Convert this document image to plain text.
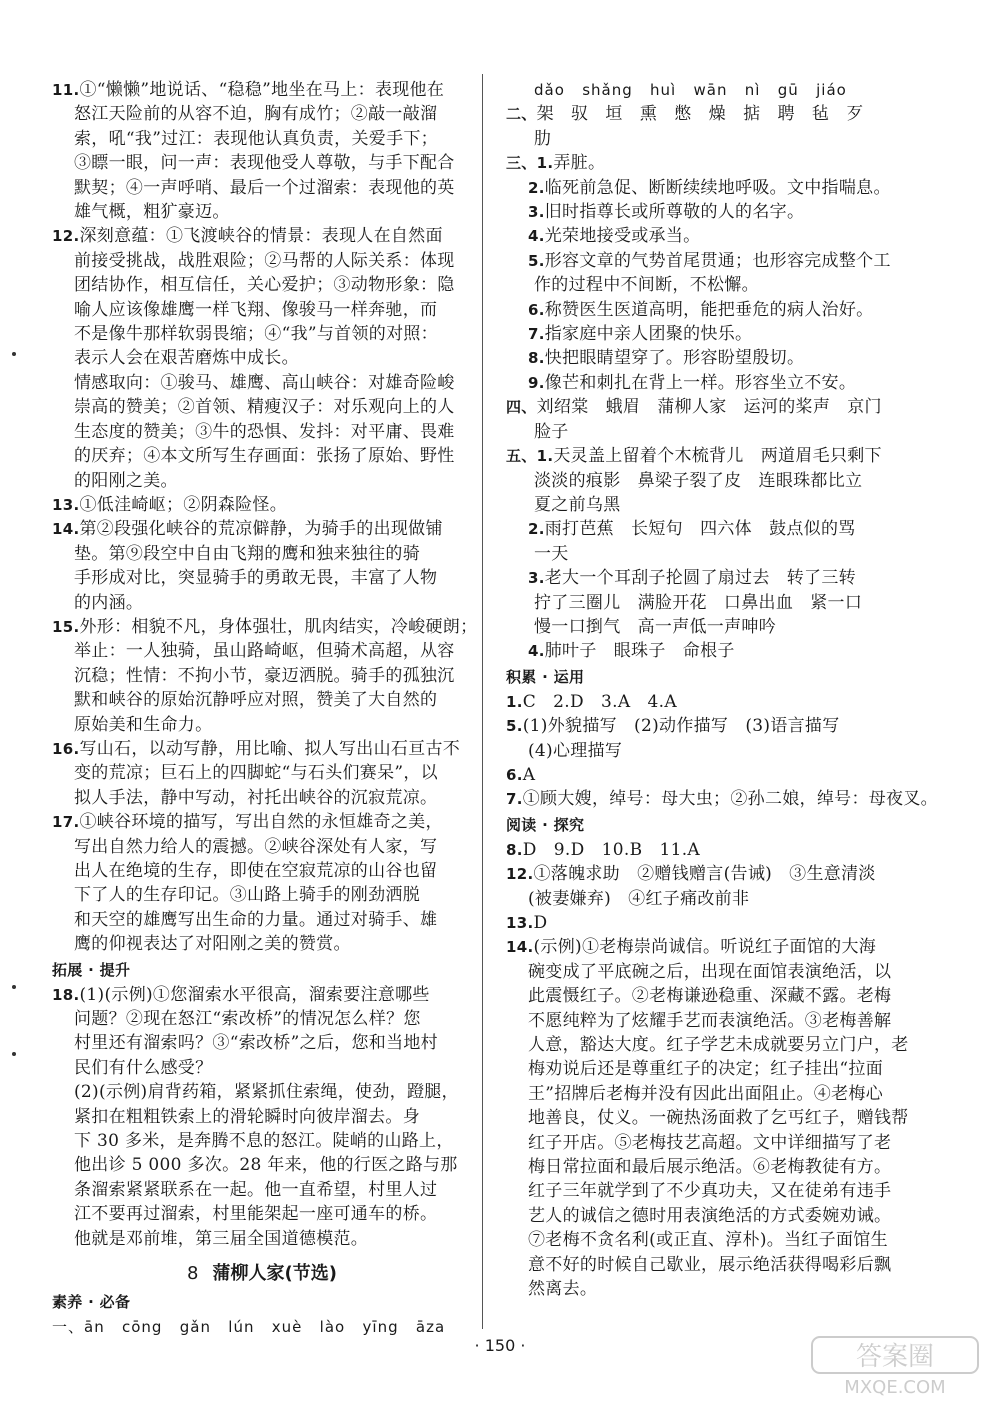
11.①“懒懒”地说话、“稳稳”地坐在马上：表现他在
怒江天险前的从容不迫，胸有成竹；②敲一敲溜
索，吼“我”过江：表现他认真负责，关爱手下；
③瞟一眼，问一声：表现他受人尊敬，与手下配合
默契；④一声呼哨、最后一个过溜索：表现他的英
雄气概，粗犷豪迈。
12.深刻意蕴：①飞渡峡谷的情景：表现人在自然面
前接受挑战，战胜艰险；②马帮的人际关系：体现
团结协作，相互信任，关心爱护；③动物形象：隐
喻人应该像雄鹰一样飞翔、像骏马一样奔驰，而
不是像牛那样软弱畏缩；④“我”与首领的对照：
表示人会在艰苦磨炼中成长。
情感取向：①骏马、雄鹰、高山峡谷：对雄奇险峻
崇高的赞美；②首领、精瘦汉子：对乐观向上的人
生态度的赞美；③牛的恐惧、发抖：对平庸、畏难
的厌弃；④本文所写生存画面：张扬了原始、野性
的阳刚之美。
13.①低洼崎岖；②阴森险怪。
14.第②段强化峡谷的荒凉僻静，为骑手的出现做铺
垫。第⑨段空中自由飞翔的鹰和独来独往的骑
手形成对比，突显骑手的勇敢无畏，丰富了人物
的内涵。
15.外形：相貌不凡，身体强壮，肌肉结实，冷峻硬朗；
举止：一人独骑，虽山路崎岖，但骑术高超，从容
沉稳；性情：不拘小节，豪迈洒脱。骑手的孤独沉
默和峡谷的原始沉静呼应对照，赞美了大自然的
原始美和生命力。
16.写山石，以动写静，用比喻、拟人写出山石亘古不
变的荒凉；巨石上的四脚蛇“与石头们赛呆”，以
拟人手法，静中写动，衬托出峡谷的沉寂荒凉。
17.①峡谷环境的描写，写出自然的永恒雄奇之美，
写出自然力给人的震撼。②峡谷深处有人家，写
出人在绝境的生存，即使在空寂荒凉的山谷也留
下了人的生存印记。③山路上骑手的刚劲洒脱
和天空的雄鹰写出生命的力量。通过对骑手、雄
鹰的仰视表达了对阳刚之美的赞赏。
拓展 · 提升
18.(1)(示例)①您溜索水平很高，溜索要注意哪些
问题？②现在怒江“索改桥”的情况怎么样？您
村里还有溜索吗？③“索改桥”之后，您和当地村
民们有什么感受？
(2)(示例)肩背药箱，紧紧抓住索绳，使劲，蹬腿，
紧扣在粗粗铁索上的滑轮瞬时向彼岸溜去。身
下 30 多米，是奔腾不息的怒江。陡峭的山路上，
他出诊 5 000 多次。28 年来，他的行医之路与那
条溜索紧紧联系在一起。他一直希望，村里人过
江不要再过溜索，村里能架起一座可通车的桥。
他就是邓前堆，第三届全国道德模范。
8 蒲柳人家(节选)
素养 · 必备
一、ān   cōng   gǎn   lún   xuè   lào   yīng   āza
dǎo   shǎng   huì   wān   nì   gū   jiáo
二、架   驭   垣   熏   憋   燥   掂   聘   毡   歹
肋
三、1.弄脏。
2.临死前急促、断断续续地呼吸。文中指喘息。
3.旧时指尊长或所尊敬的人的名字。
4.光荣地接受或承当。
5.形容文章的气势首尾贯通；也形容完成整个工
作的过程中不间断，不松懈。
6.称赞医生医道高明，能把垂危的病人治好。
7.指家庭中亲人团聚的快乐。
8.快把眼睛望穿了。形容盼望殷切。
9.像芒和刺扎在背上一样。形容坐立不安。
四、刘绍棠   蛾眉   蒲柳人家   运河的桨声   京门
脸子
五、1.天灵盖上留着个木梳背儿   两道眉毛只剩下
淡淡的痕影   鼻梁子裂了皮   连眼珠都比立
夏之前乌黑
2.雨打芭蕉   长短句   四六体   鼓点似的骂
一天
3.老大一个耳刮子抡圆了扇过去   转了三转
拧了三圈儿   满脸开花   口鼻出血   紧一口
慢一口捯气   高一声低一声呻吟
4.肺叶子   眼珠子   命根子
积累 · 运用
1.C   2.D   3.A   4.A
5.(1)外貌描写   (2)动作描写   (3)语言描写
(4)心理描写
6.A
7.①顾大嫂，绰号：母大虫；②孙二娘，绰号：母夜叉。
阅读 · 探究
8.D   9.D   10.B   11.A
12.①落魄求助   ②赠钱赠言(告诫)   ③生意清淡
(被妻嫌弃)   ④红子痛改前非
13.D
14.(示例)①老梅崇尚诚信。听说红子面馆的大海
碗变成了平底碗之后，出现在面馆表演绝活，以
此震慑红子。②老梅谦逊稳重、深藏不露。老梅
不愿纯粹为了炫耀手艺而表演绝活。③老梅善解
人意，豁达大度。红子学艺未成就要另立门户，老
梅劝说后还是尊重红子的决定；红子挂出“拉面
王”招牌后老梅并没有因此出面阻止。④老梅心
地善良，仗义。一碗热汤面救了乞丐红子，赠钱帮
红子开店。⑤老梅技艺高超。文中详细描写了老
梅日常拉面和最后展示绝活。⑥老梅教徒有方。
红子三年就学到了不少真功夫，又在徒弟有违手
艺人的诚信之德时用表演绝活的方式委婉劝诫。
⑦老梅不贪名利(或正直、淳朴)。当红子面馆生
意不好的时候自己歇业，展示绝活获得喝彩后飘
然离去。
· 150 ·	答案圈
MXQE.COM
